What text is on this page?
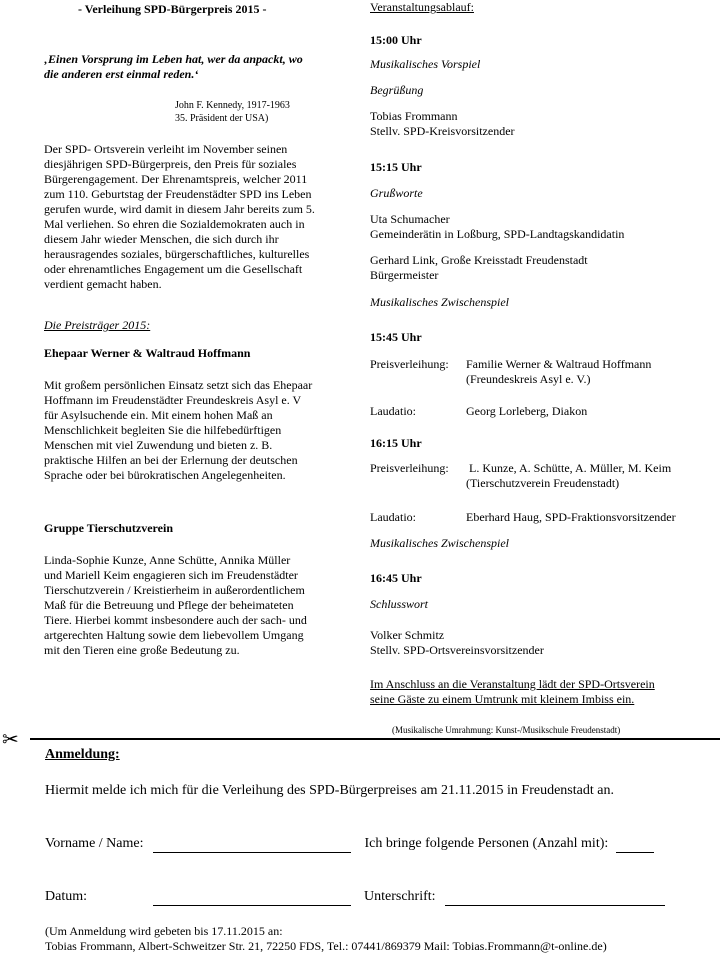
- Verleihung SPD-Bürgerpreis 2015 -

‚Einen Vorsprung im Leben hat, wer da anpackt, wo

die anderen erst einmal reden.‘

John F. Kennedy, 1917-1963

35. Präsident der USA)

Der SPD- Ortsverein verleiht im November seinen

diesjährigen SPD-Bürgerpreis, den Preis für soziales

Bürgerengagement. Der Ehrenamtspreis, welcher 2011

zum 110. Geburtstag der Freudenstädter SPD ins Leben

gerufen wurde, wird damit in diesem Jahr bereits zum 5.

Mal verliehen. So ehren die Sozialdemokraten auch in

diesem Jahr wieder Menschen, die sich durch ihr

herausragendes soziales, bürgerschaftliches, kulturelles

oder ehrenamtliches Engagement um die Gesellschaft

verdient gemacht haben.

Die Preisträger 2015:

Ehepaar Werner & Waltraud Hoffmann

Mit großem persönlichen Einsatz setzt sich das Ehepaar

Hoffmann im Freudenstädter Freundeskreis Asyl e. V

für Asylsuchende ein. Mit einem hohen Maß an

Menschlichkeit begleiten Sie die hilfebedürftigen

Menschen mit viel Zuwendung und bieten z. B.

praktische Hilfen an bei der Erlernung der deutschen

Sprache oder bei bürokratischen Angelegenheiten.

Gruppe Tierschutzverein

Linda-Sophie Kunze, Anne Schütte, Annika Müller

und Mariell Keim engagieren sich im Freudenstädter

Tierschutzverein / Kreistierheim in außerordentlichem

Maß für die Betreuung und Pflege der beheimateten

Tiere. Hierbei kommt insbesondere auch der sach- und

artgerechten Haltung sowie dem liebevollem Umgang

mit den Tieren eine große Bedeutung zu.

Veranstaltungsablauf:

15:00 Uhr

Musikalisches Vorspiel

Begrüßung

Tobias Frommann

Stellv. SPD-Kreisvorsitzender

15:15 Uhr

Grußworte

Uta Schumacher

Gemeinderätin in Loßburg, SPD-Landtagskandidatin

Gerhard Link, Große Kreisstadt Freudenstadt

Bürgermeister

Musikalisches Zwischenspiel

15:45 Uhr

Preisverleihung:	Familie Werner & Waltraud Hoffmann

(Freundeskreis Asyl e. V.)

Laudatio:	Georg Lorleberg, Diakon

16:15 Uhr

Preisverleihung:	L. Kunze, A. Schütte, A. Müller, M. Keim

(Tierschutzverein Freudenstadt)

Laudatio:	Eberhard Haug, SPD-Fraktionsvorsitzender

Musikalisches Zwischenspiel

16:45 Uhr

Schlusswort

Volker Schmitz

Stellv. SPD-Ortsvereinsvorsitzender

Im Anschluss an die Veranstaltung lädt der SPD-Ortsverein

seine Gäste zu einem Umtrunk mit kleinem Imbiss ein.

(Musikalische Umrahmung: Kunst-/Musikschule Freudenstadt)

✂

Anmeldung:

Hiermit melde ich mich für die Verleihung des SPD-Bürgerpreises am 21.11.2015 in Freudenstadt an.

Vorname / Name:	Ich bringe folgende Personen (Anzahl mit):
Datum:	Unterschrift:

(Um Anmeldung wird gebeten bis 17.11.2015 an:

Tobias Frommann, Albert-Schweitzer Str. 21, 72250 FDS, Tel.: 07441/869379 Mail: Tobias.Frommann@t-online.de)
